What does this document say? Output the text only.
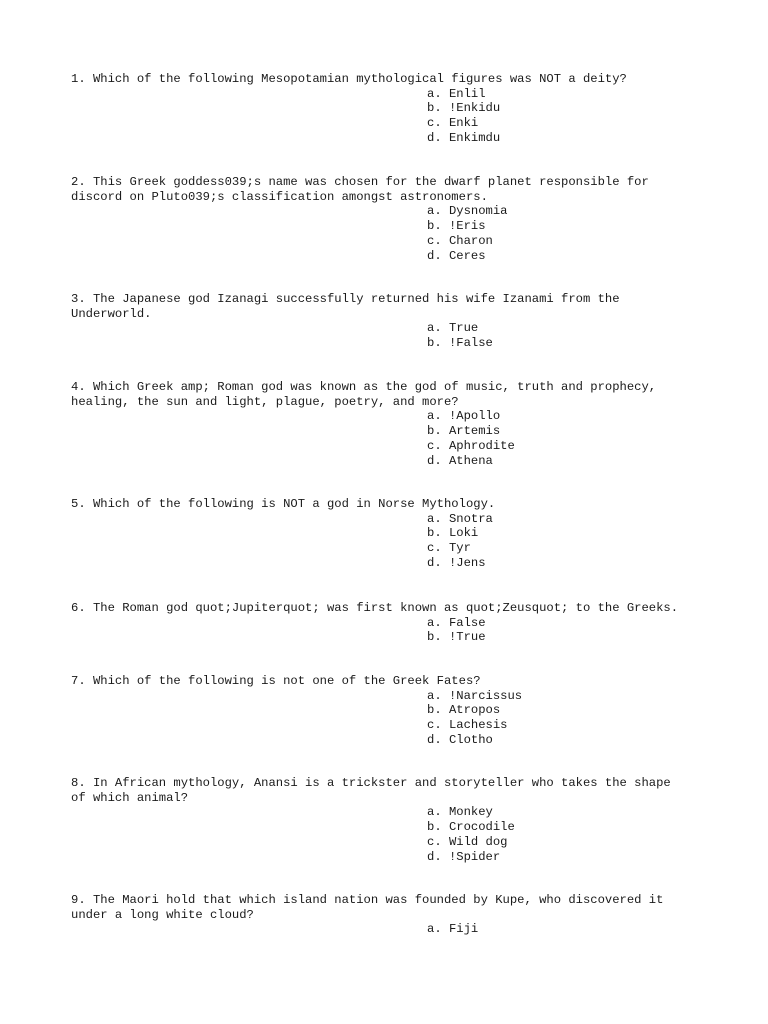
1. Which of the following Mesopotamian mythological figures was NOT a deity?
a. Enlil
b. !Enkidu
c. Enki
d. Enkimdu
2. This Greek goddess039;s name was chosen for the dwarf planet responsible for
discord on Pluto039;s classification amongst astronomers.
a. Dysnomia
b. !Eris
c. Charon
d. Ceres
3. The Japanese god Izanagi successfully returned his wife Izanami from the
Underworld.
a. True
b. !False
4. Which Greek amp; Roman god was known as the god of music, truth and prophecy,
healing, the sun and light, plague, poetry, and more?
a. !Apollo
b. Artemis
c. Aphrodite
d. Athena
5. Which of the following is NOT a god in Norse Mythology.
a. Snotra
b. Loki
c. Tyr
d. !Jens
6. The Roman god quot;Jupiterquot; was first known as quot;Zeusquot; to the Greeks.
a. False
b. !True
7. Which of the following is not one of the Greek Fates?
a. !Narcissus
b. Atropos
c. Lachesis
d. Clotho
8. In African mythology, Anansi is a trickster and storyteller who takes the shape
of which animal?
a. Monkey
b. Crocodile
c. Wild dog
d. !Spider
9. The Maori hold that which island nation was founded by Kupe, who discovered it
under a long white cloud?
a. Fiji
